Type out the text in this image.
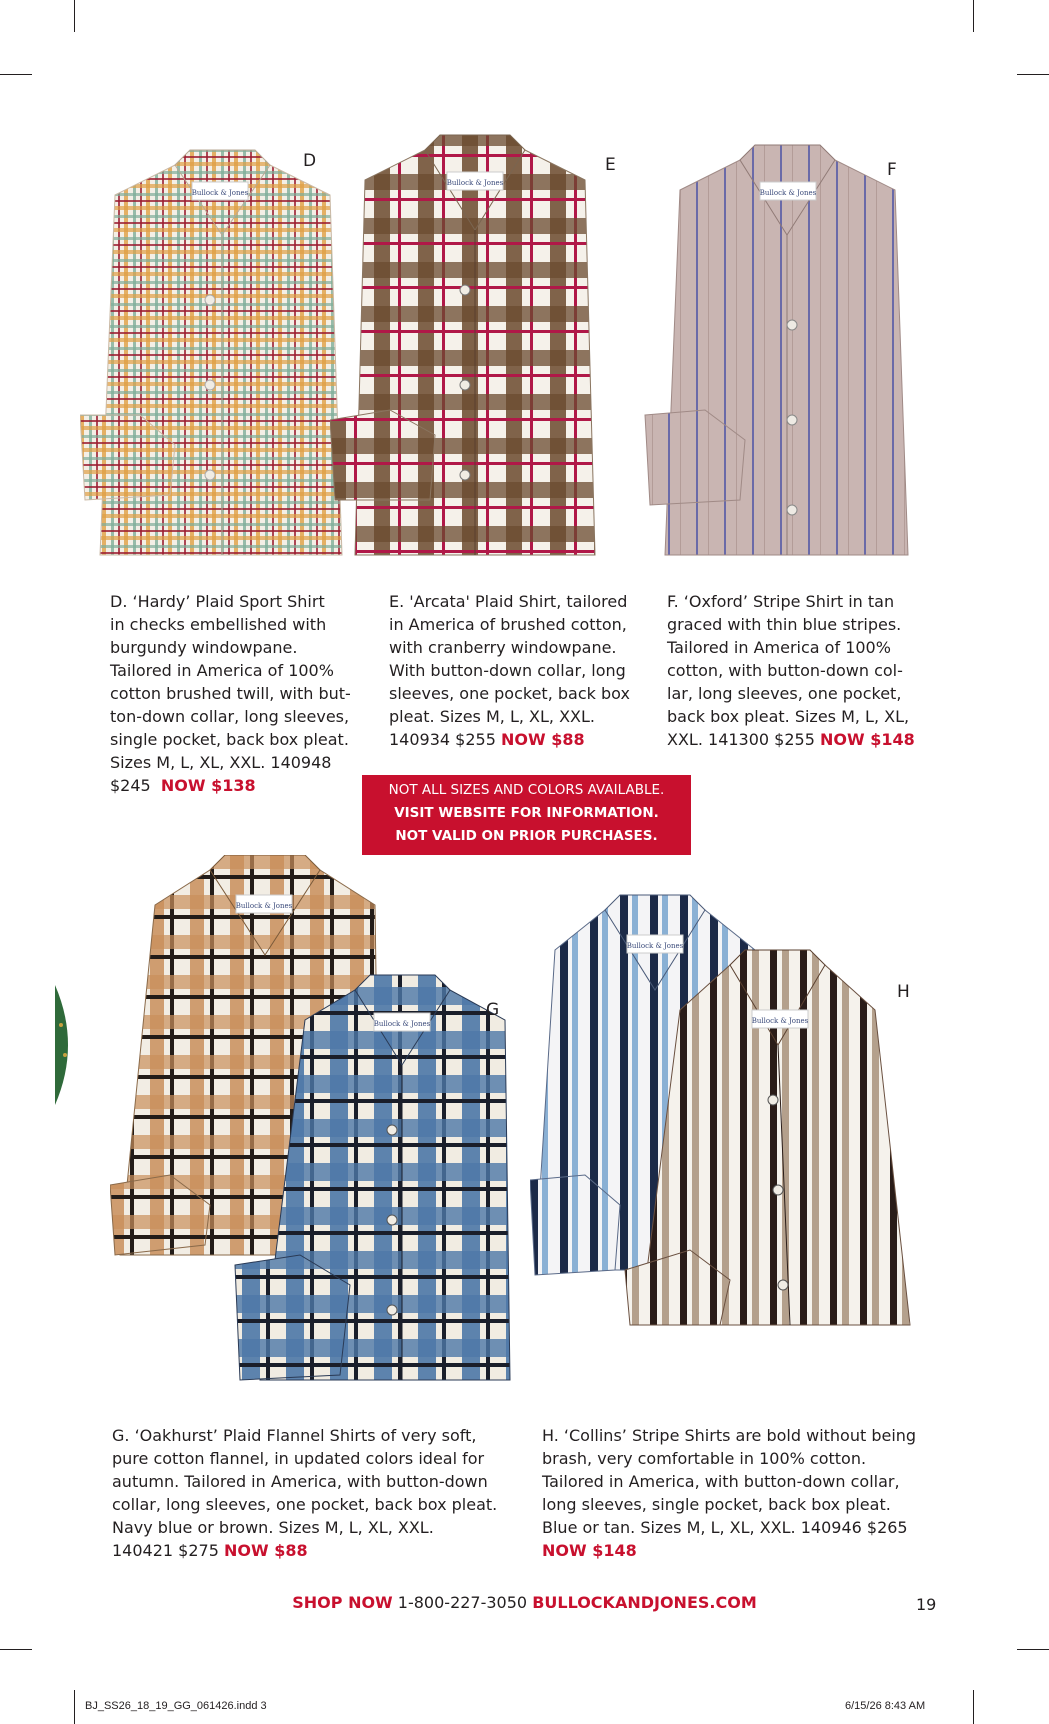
Bullock & Jones
D
Bullock & Jones
E
Bullock & Jones
F
D. ‘Hardy’ Plaid Sport Shirt
in checks embellished with
burgundy windowpane.
Tailored in America of 100%
cotton brushed twill, with but-
ton-down collar, long sleeves,
single pocket, back box pleat.
Sizes M, L, XL, XXL. 140948
$245 NOW $138
E. 'Arcata' Plaid Shirt, tailored
in America of brushed cotton,
with cranberry windowpane.
With button-down collar, long
sleeves, one pocket, back box
pleat. Sizes M, L, XL, XXL.
140934 $255 NOW $88
F. ‘Oxford’ Stripe Shirt in tan
graced with thin blue stripes.
Tailored in America of 100%
cotton, with button-down col-
lar, long sleeves, one pocket,
back box pleat. Sizes M, L, XL,
XXL. 141300 $255 NOW $148
NOT ALL SIZES AND COLORS AVAILABLE.
VISIT WEBSITE FOR INFORMATION.
NOT VALID ON PRIOR PURCHASES.
Bullock & Jones
Bullock & Jones
G
Bullock & Jones
Bullock & Jones
H
G. ‘Oakhurst’ Plaid Flannel Shirts of very soft,
pure cotton flannel, in updated colors ideal for
autumn. Tailored in America, with button-down
collar, long sleeves, one pocket, back box pleat.
Navy blue or brown. Sizes M, L, XL, XXL.
140421 $275 NOW $88
H. ‘Collins’ Stripe Shirts are bold without being
brash, very comfortable in 100% cotton.
Tailored in America, with button-down collar,
long sleeves, single pocket, back box pleat.
Blue or tan. Sizes M, L, XL, XXL. 140946 $265
NOW $148
SHOP NOW 1-800-227-3050 BULLOCKANDJONES.COM	19
BJ_SS26_18_19_GG_061426.indd 3	6/15/26 8:43 AM
